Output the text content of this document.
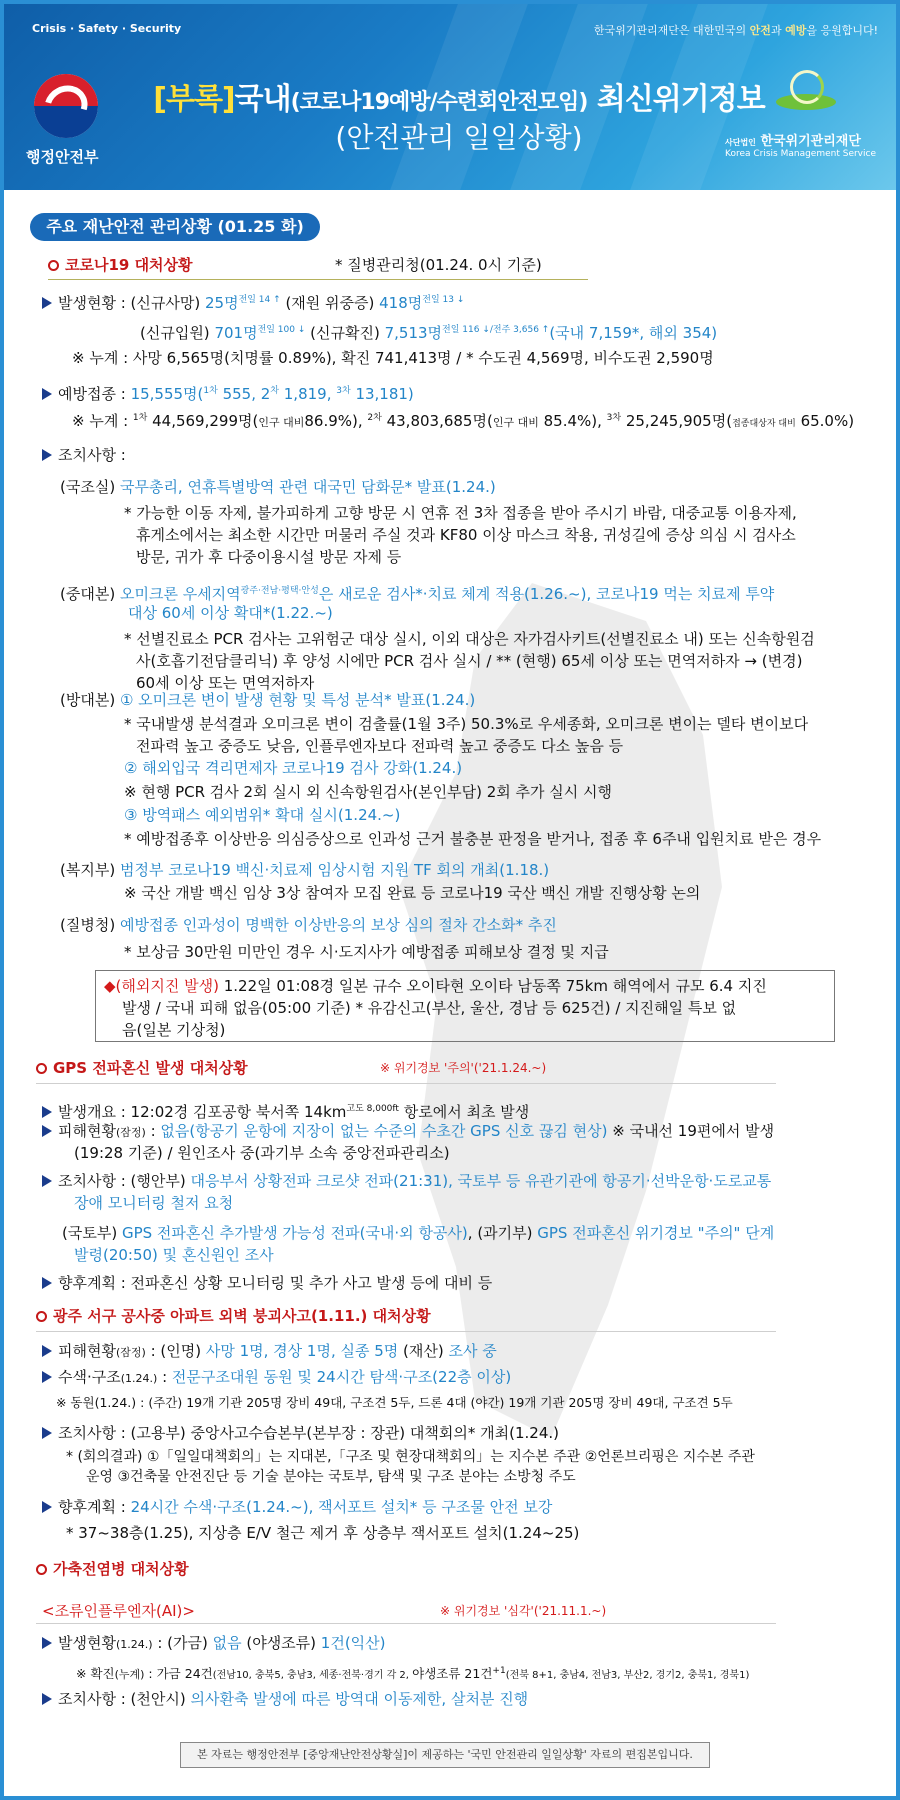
Crisis · Safety · Security	한국위기관리재단은 대한민국의 안전과 예방을 응원합니다!
행정안전부
[부록]국내(코로나19예방/수련회안전모임) 최신위기정보
(안전관리 일일상황)	사단법인 한국위기관리재단
Korea Crisis Management Service
주요 재난안전 관리상황 (01.25 화)
코로나19 대처상황	* 질병관리청(01.24. 0시 기준)
발생현황 : (신규사망) 25명$^{전일 14 ↑}$ (재원 위중증) 418명$^{전일 13 ↓}$
(신규입원) 701명$^{전일 100 ↓}$ (신규확진) 7,513명$^{전일 116 ↓/전주 3,656 ↑}$(국내 7,159*, 해외 354)
※ 누계 : 사망 6,565명(치명률 0.89%), 확진 741,413명 / * 수도권 4,569명, 비수도권 2,590명
예방접종 : 15,555명($^{1차}$ 555, $2^차$ 1,819, $^{3차}$ 13,181)
※ 누계 : $^{1차}$ 44,569,299명(인구 대비86.9%), $^{2차}$ 43,803,685명(인구 대비 85.4%), $^{3차}$ 25,245,905명(접종대상자 대비 65.0%)
조치사항 :
(국조실) 국무총리, 연휴특별방역 관련 대국민 담화문* 발표(1.24.)
* 가능한 이동 자제, 불가피하게 고향 방문 시 연휴 전 3차 접종을 받아 주시기 바람, 대중교통 이용자제,
휴게소에서는 최소한 시간만 머물러 주실 것과 KF80 이상 마스크 착용, 귀성길에 증상 의심 시 검사소
방문, 귀가 후 다중이용시설 방문 자제 등
(중대본) 오미크론 우세지역$^{광주\cdot 전남\cdot 평택\cdot 안성}$은 새로운 검사*·치료 체계 적용(1.26.~), 코로나19 먹는 치료제 투약
대상 60세 이상 확대*(1.22.~)
* 선별진료소 PCR 검사는 고위험군 대상 실시, 이외 대상은 자가검사키트(선별진료소 내) 또는 신속항원검
사(호흡기전담클리닉) 후 양성 시에만 PCR 검사 실시 / ** (현행) 65세 이상 또는 면역저하자 → (변경)
60세 이상 또는 면역저하자
(방대본) ① 오미크론 변이 발생 현황 및 특성 분석* 발표(1.24.)
* 국내발생 분석결과 오미크론 변이 검출률(1월 3주) 50.3%로 우세종화, 오미크론 변이는 델타 변이보다
전파력 높고 중증도 낮음, 인플루엔자보다 전파력 높고 중증도 다소 높음 등
② 해외입국 격리면제자 코로나19 검사 강화(1.24.)
※ 현행 PCR 검사 2회 실시 외 신속항원검사(본인부담) 2회 추가 실시 시행
③ 방역패스 예외범위* 확대 실시(1.24.~)
* 예방접종후 이상반응 의심증상으로 인과성 근거 불충분 판정을 받거나, 접종 후 6주내 입원치료 받은 경우
(복지부) 범정부 코로나19 백신·치료제 임상시험 지원 TF 회의 개최(1.18.)
※ 국산 개발 백신 임상 3상 참여자 모집 완료 등 코로나19 국산 백신 개발 진행상황 논의
(질병청) 예방접종 인과성이 명백한 이상반응의 보상 심의 절차 간소화* 추진
* 보상금 30만원 미만인 경우 시·도지사가 예방접종 피해보상 결정 및 지급
◆(해외지진 발생) 1.22일 01:08경 일본 규수 오이타현 오이타 남동쪽 75km 해역에서 규모 6.4 지진
발생 / 국내 피해 없음(05:00 기준) * 유감신고(부산, 울산, 경남 등 625건) / 지진해일 특보 없
음(일본 기상청)
GPS 전파혼신 발생 대처상황	※ 위기경보 '주의'('21.1.24.~)
발생개요 : 12:02경 김포공항 북서쪽 $14km^{고도 8,000ft}$ 항로에서 최초 발생
피해현황(잠정) : 없음(항공기 운항에 지장이 없는 수준의 수초간 GPS 신호 끊김 현상) ※ 국내선 19편에서 발생
(19:28 기준) / 원인조사 중(과기부 소속 중앙전파관리소)
조치사항 : (행안부) 대응부서 상황전파 크로샷 전파(21:31), 국토부 등 유관기관에 항공기·선박운항·도로교통
장애 모니터링 철저 요청
(국토부) GPS 전파혼신 추가발생 가능성 전파(국내·외 항공사), (과기부) GPS 전파혼신 위기경보 "주의" 단계
발령(20:50) 및 혼신원인 조사
향후계획 : 전파혼신 상황 모니터링 및 추가 사고 발생 등에 대비 등
광주 서구 공사중 아파트 외벽 붕괴사고(1.11.) 대처상황
피해현황(잠정) : (인명) 사망 1명, 경상 1명, 실종 5명 (재산) 조사 중
수색·구조(1.24.) : 전문구조대원 동원 및 24시간 탐색·구조(22층 이상)
※ 동원(1.24.) : (주간) 19개 기관 205명 장비 49대, 구조견 5두, 드론 4대 (야간) 19개 기관 205명 장비 49대, 구조견 5두
조치사항 : (고용부) 중앙사고수습본부(본부장 : 장관) 대책회의* 개최(1.24.)
* (회의결과) ①「일일대책회의」는 지대본,「구조 및 현장대책회의」는 지수본 주관 ②언론브리핑은 지수본 주관
운영 ③건축물 안전진단 등 기술 분야는 국토부, 탐색 및 구조 분야는 소방청 주도
향후계획 : 24시간 수색·구조(1.24.~), 잭서포트 설치* 등 구조물 안전 보강
* 37~38층(1.25), 지상층 E/V 철근 제거 후 상층부 잭서포트 설치(1.24~25)
가축전염병 대처상황
<조류인플루엔자(AI)>	※ 위기경보 '심각'('21.11.1.~)
발생현황(1.24.) : (가금) 없음 (야생조류) 1건(익산)
※ 확진(누계) : 가금 24건(전남10, 충북5, 충남3, 세종·전북·경기 각 2, 야생조류 21건$^{+1}$(전북 8+1, 충남4, 전남3, 부산2, 경기2, 충북1, 경북1)
조치사항 : (천안시) 의사환축 발생에 따른 방역대 이동제한, 살처분 진행
본 자료는 행정안전부 [중앙재난안전상황실]이 제공하는 '국민 안전관리 일일상황' 자료의 편집본입니다.
